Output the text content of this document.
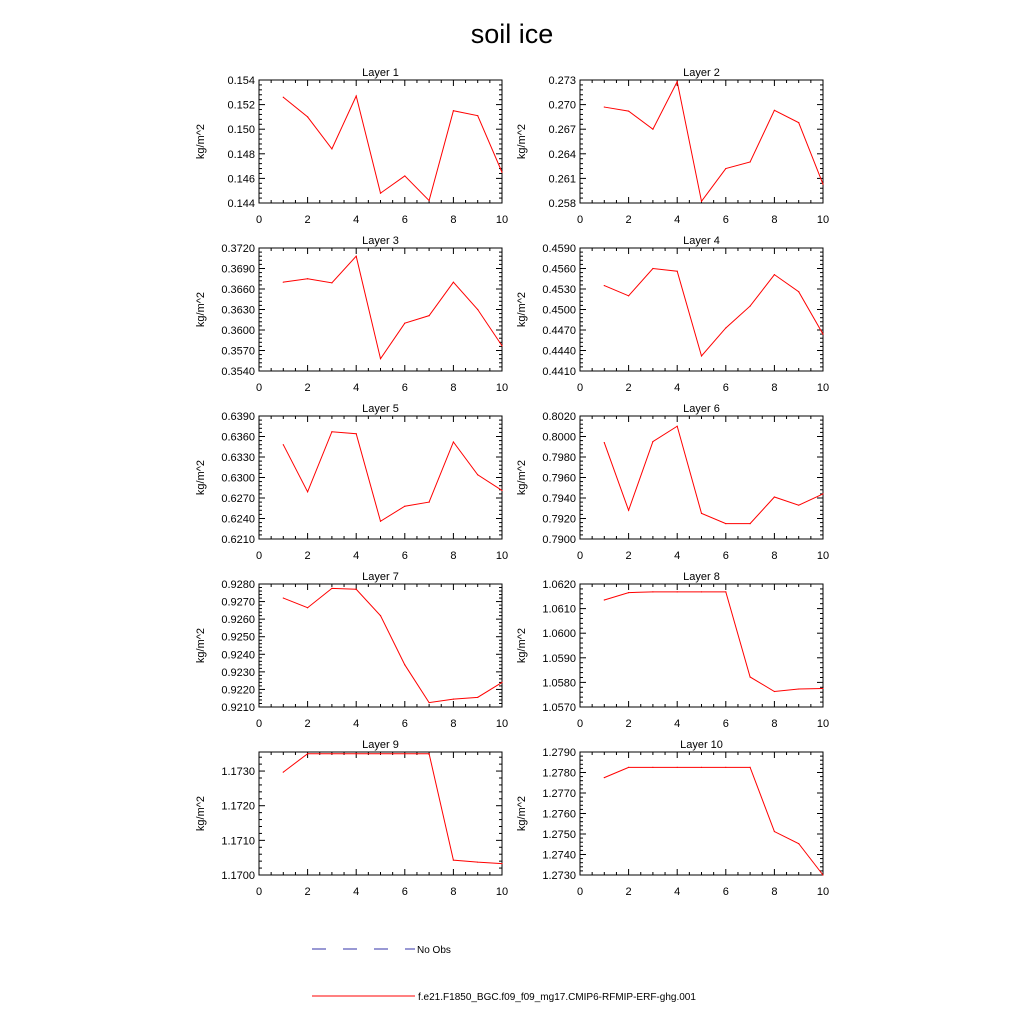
soil ice
Layer 1
kg/m^2
0	2	4	6	8	10
0.144
0.146
0.148
0.150
0.152
0.154
Layer 2
kg/m^2
0	2	4	6	8	10
0.258
0.261
0.264
0.267
0.270
0.273
Layer 3
kg/m^2
0	2	4	6	8	10
0.3540
0.3570
0.3600
0.3630
0.3660
0.3690
0.3720
Layer 4
kg/m^2
0	2	4	6	8	10
0.4410
0.4440
0.4470
0.4500
0.4530
0.4560
0.4590
Layer 5
kg/m^2
0	2	4	6	8	10
0.6210
0.6240
0.6270
0.6300
0.6330
0.6360
0.6390
Layer 6
kg/m^2
0	2	4	6	8	10
0.7900
0.7920
0.7940
0.7960
0.7980
0.8000
0.8020
Layer 7
kg/m^2
0	2	4	6	8	10
0.9210
0.9220
0.9230
0.9240
0.9250
0.9260
0.9270
0.9280
Layer 8
kg/m^2
0	2	4	6	8	10
1.0570
1.0580
1.0590
1.0600
1.0610
1.0620
Layer 9
kg/m^2
0	2	4	6	8	10
1.1700
1.1710
1.1720
1.1730
Layer 10
kg/m^2
0	2	4	6	8	10
1.2730
1.2740
1.2750
1.2760
1.2770
1.2780
1.2790
No Obs
f.e21.F1850_BGC.f09_f09_mg17.CMIP6-RFMIP-ERF-ghg.001
